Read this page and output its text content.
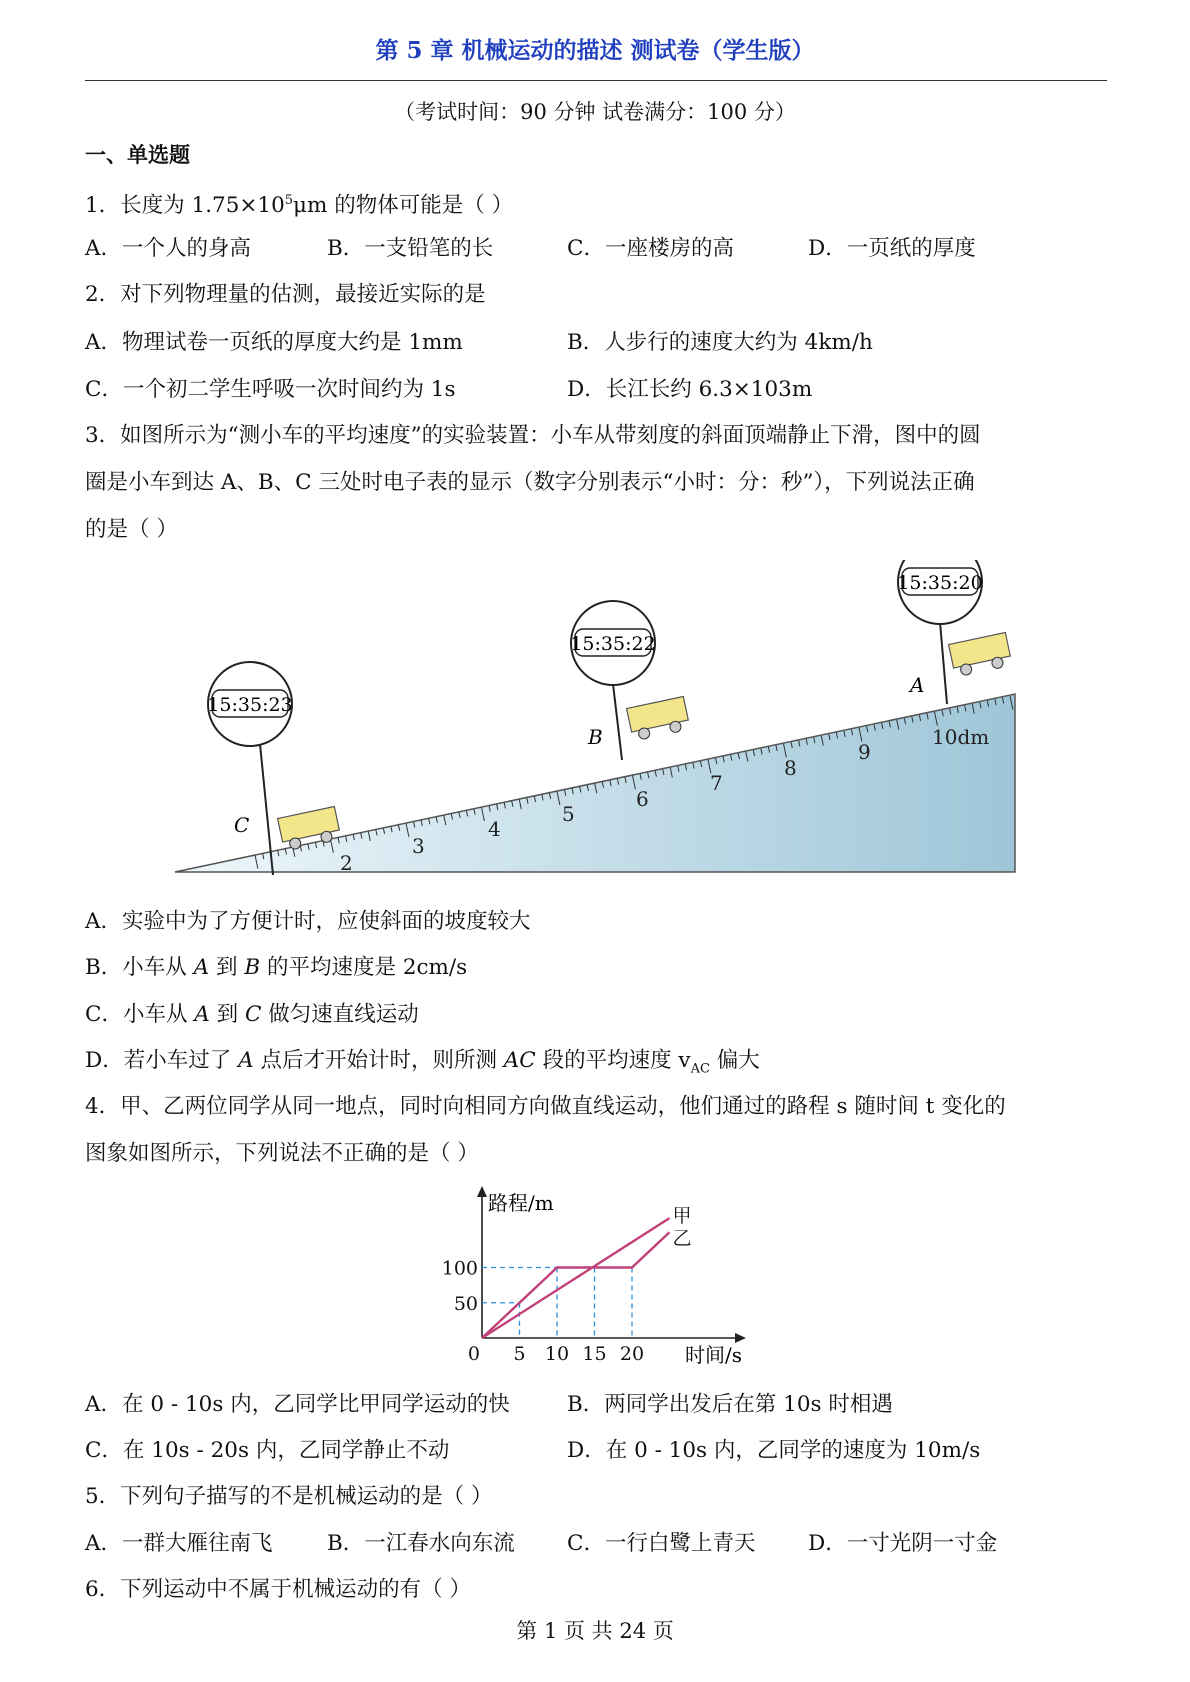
第 5 章 机械运动的描述 测试卷（学生版）
（考试时间：90 分钟 试卷满分：100 分）
一、单选题
1．长度为 $1.75\times 10^5\mu m$ 的物体可能是（ ）
A．一个人的身高	B．一支铅笔的长	C．一座楼房的高	D．一页纸的厚度
2．对下列物理量的估测，最接近实际的是
A．物理试卷一页纸的厚度大约是 1mm	B．人步行的速度大约为 4km/h
C．一个初二学生呼吸一次时间约为 1s	D．长江长约 6.3×103m
3．如图所示为“测小车的平均速度”的实验装置：小车从带刻度的斜面顶端静止下滑，图中的圆
圈是小车到达 A、B、C 三处时电子表的显示（数字分别表示“小时：分：秒”），下列说法正确
的是（ ）
2
3
4
5
6
7
8
9
10dm
15:35:23
C
15:35:22
B
15:35:20
A
A．实验中为了方便计时，应使斜面的坡度较大
B．小车从 A 到 B 的平均速度是 2cm/s
C．小车从 A 到 C 做匀速直线运动
D．若小车过了 A 点后才开始计时，则所测 AC 段的平均速度 $v_{AC}$ 偏大
4．甲、乙两位同学从同一地点，同时向相同方向做直线运动，他们通过的路程 s 随时间 t 变化的
图象如图所示，下列说法不正确的是（ ）
路程/m
时间/s
0 5 10 15 20
50
100
甲
乙
A．在 0 - 10s 内，乙同学比甲同学运动的快	B．两同学出发后在第 10s 时相遇
C．在 10s - 20s 内，乙同学静止不动	D．在 0 - 10s 内，乙同学的速度为 10m/s
5．下列句子描写的不是机械运动的是（ ）
A．一群大雁往南飞	B．一江春水向东流 C．一行白鹭上青天 D．一寸光阴一寸金
6．下列运动中不属于机械运动的有（ ）
第 1 页 共 24 页
